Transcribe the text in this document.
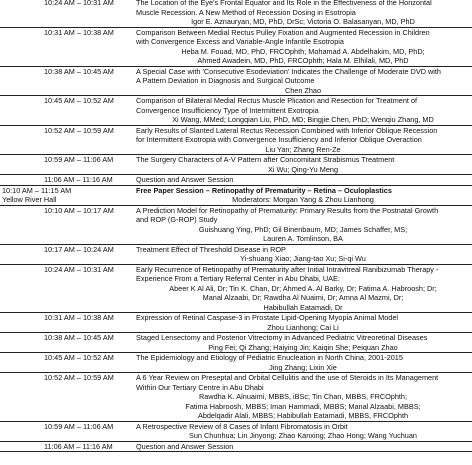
10:24 AM – 10:31 AM	The Location of the Eye's Frontal Equator and Its Role in the Effectiveness of the Horizontal
Muscle Recession. A New Method of Recession Dosing in Esotropia
Igor E. Aznauryan, MD, PhD, DrSc; Victoria O. Balasanyan, MD, PhD
10:31 AM – 10:38 AM	Comparison Between Medial Rectus Pulley Fixation and Augmented Recession in Children
with Convergence Excess and Variable-Angle Infantile Esotropia
Heba M. Fouad, MD, PhD, FRCOphth; Mohamad A. Abdelhakim, MD, PhD;
Ahmed Awadein, MD, PhD, FRCOphth; Hala M. Elhilali, MD, PhD
10:38 AM – 10:45 AM	A Special Case with 'Consecutive Esodeviation' Indicates the Challenge of Moderate DVD with
A Pattern Deviation in Diagnosis and Surgical Outcome
Chen Zhao
10:45 AM – 10:52 AM	Comparison of Bilateral Medial Rectus Muscle Plication and Resection for Treatment of
Convergence Insufficiency Type of Intermittent Exotropia
Xi Wang, MMed; Longqian Liu, PhD, MD; Bingjie Chen, PhD; Wenqiu Zhang, MD
10:52 AM – 10:59 AM	Early Results of Slanted Lateral Rectus Recession Combined with Inferior Oblique Recession
for Intermittent Exotropia with Convergence Insufficiency and Inferior Oblique Overaction
Liu Yan; Zhang Ren-Ze
10:59 AM – 11:06 AM	The Surgery Characters of A-V Pattern after Concomitant Strabismus Treatment
Xi Wu; Qing-Yu Meng
11:06 AM – 11:16 AM	Question and Answer Session
10:10 AM – 11:15 AM
Yellow River Hall
Free Paper Session – Retinopathy of Prematurity – Retina – Oculoplastics
Moderators: Morgan Yang & Zhou Lianhong
10:10 AM – 10:17 AM	A Prediction Model for Retinopathy of Prematurity: Primary Results from the Postnatal Growth
and ROP (G-ROP) Study
Guishuang Ying, PhD; Gil Binenbaum, MD; James Schaffer, MS;
Lauren A. Tomlinson, BA
10:17 AM – 10:24 AM	Treatment Effect of Threshold Disease in ROP
Yi-shuang Xiao; Jiang-tao Xu; Si-qi Wu
10:24 AM – 10:31 AM	Early Recurrence of Retinopathy of Prematurity after Initial Intravitreal Ranibizumab Therapy -
Experience From a Tertiary Referral Center in Abu Dhabi, UAE:
Abeer K Al Ali, Dr; Tin K. Chan, Dr; Ahmed A. Al Barky, Dr; Fatima A. Habroosh; Dr;
Manal Alzaabi, Dr; Rawdha Al Nuaimi, Dr; Amna Al Mazmi, Dr;
Habibullah Eatamadi, Dr
10:31 AM – 10:38 AM	Expression of Retinal Caspase-3 in Prostate Lipid-Opening Myopia Animal Model
Zhou Lianhong; Cai Li
10:38 AM – 10:45 AM	Staged Lensectomy and Posterior Vitrectomy in Advanced Pediatric Vitreoretinal Diseases
Ping Fei; Qi Zhang; Haiying Jin; Kaiqin She; Peiquan Zhao
10:45 AM – 10:52 AM	The Epidemiology and Etiology of Pediatric Enucleation in North China, 2001-2015
Jing Zhang; Lixin Xie
10:52 AM – 10:59 AM	A 6 Year Review on Preseptal and Orbital Cellulitis and the use of Steroids in Its Management
Within Our Tertiary Centre in Abu Dhabi
Rawdha K. Alnuaimi, MBBS, iBSc; Tin Chan, MBBS, FRCOphth;
Fatima Habroosh, MBBS; Iman Hammadi, MBBS; Manal Alzaabi, MBBS;
Abdelqadir Alali, MBBS; Habibullah Eatamadi, MBBS, FRCOphth
10:59 AM – 11:06 AM	A Retrospective Review of 8 Cases of Infant Fibromatosis in Orbit
Sun Chunhua; Lin Jinyong; Zhao Kanxing; Zhao Hong; Wang Yuchuan
11:06 AM – 11:16 AM	Question and Answer Session
